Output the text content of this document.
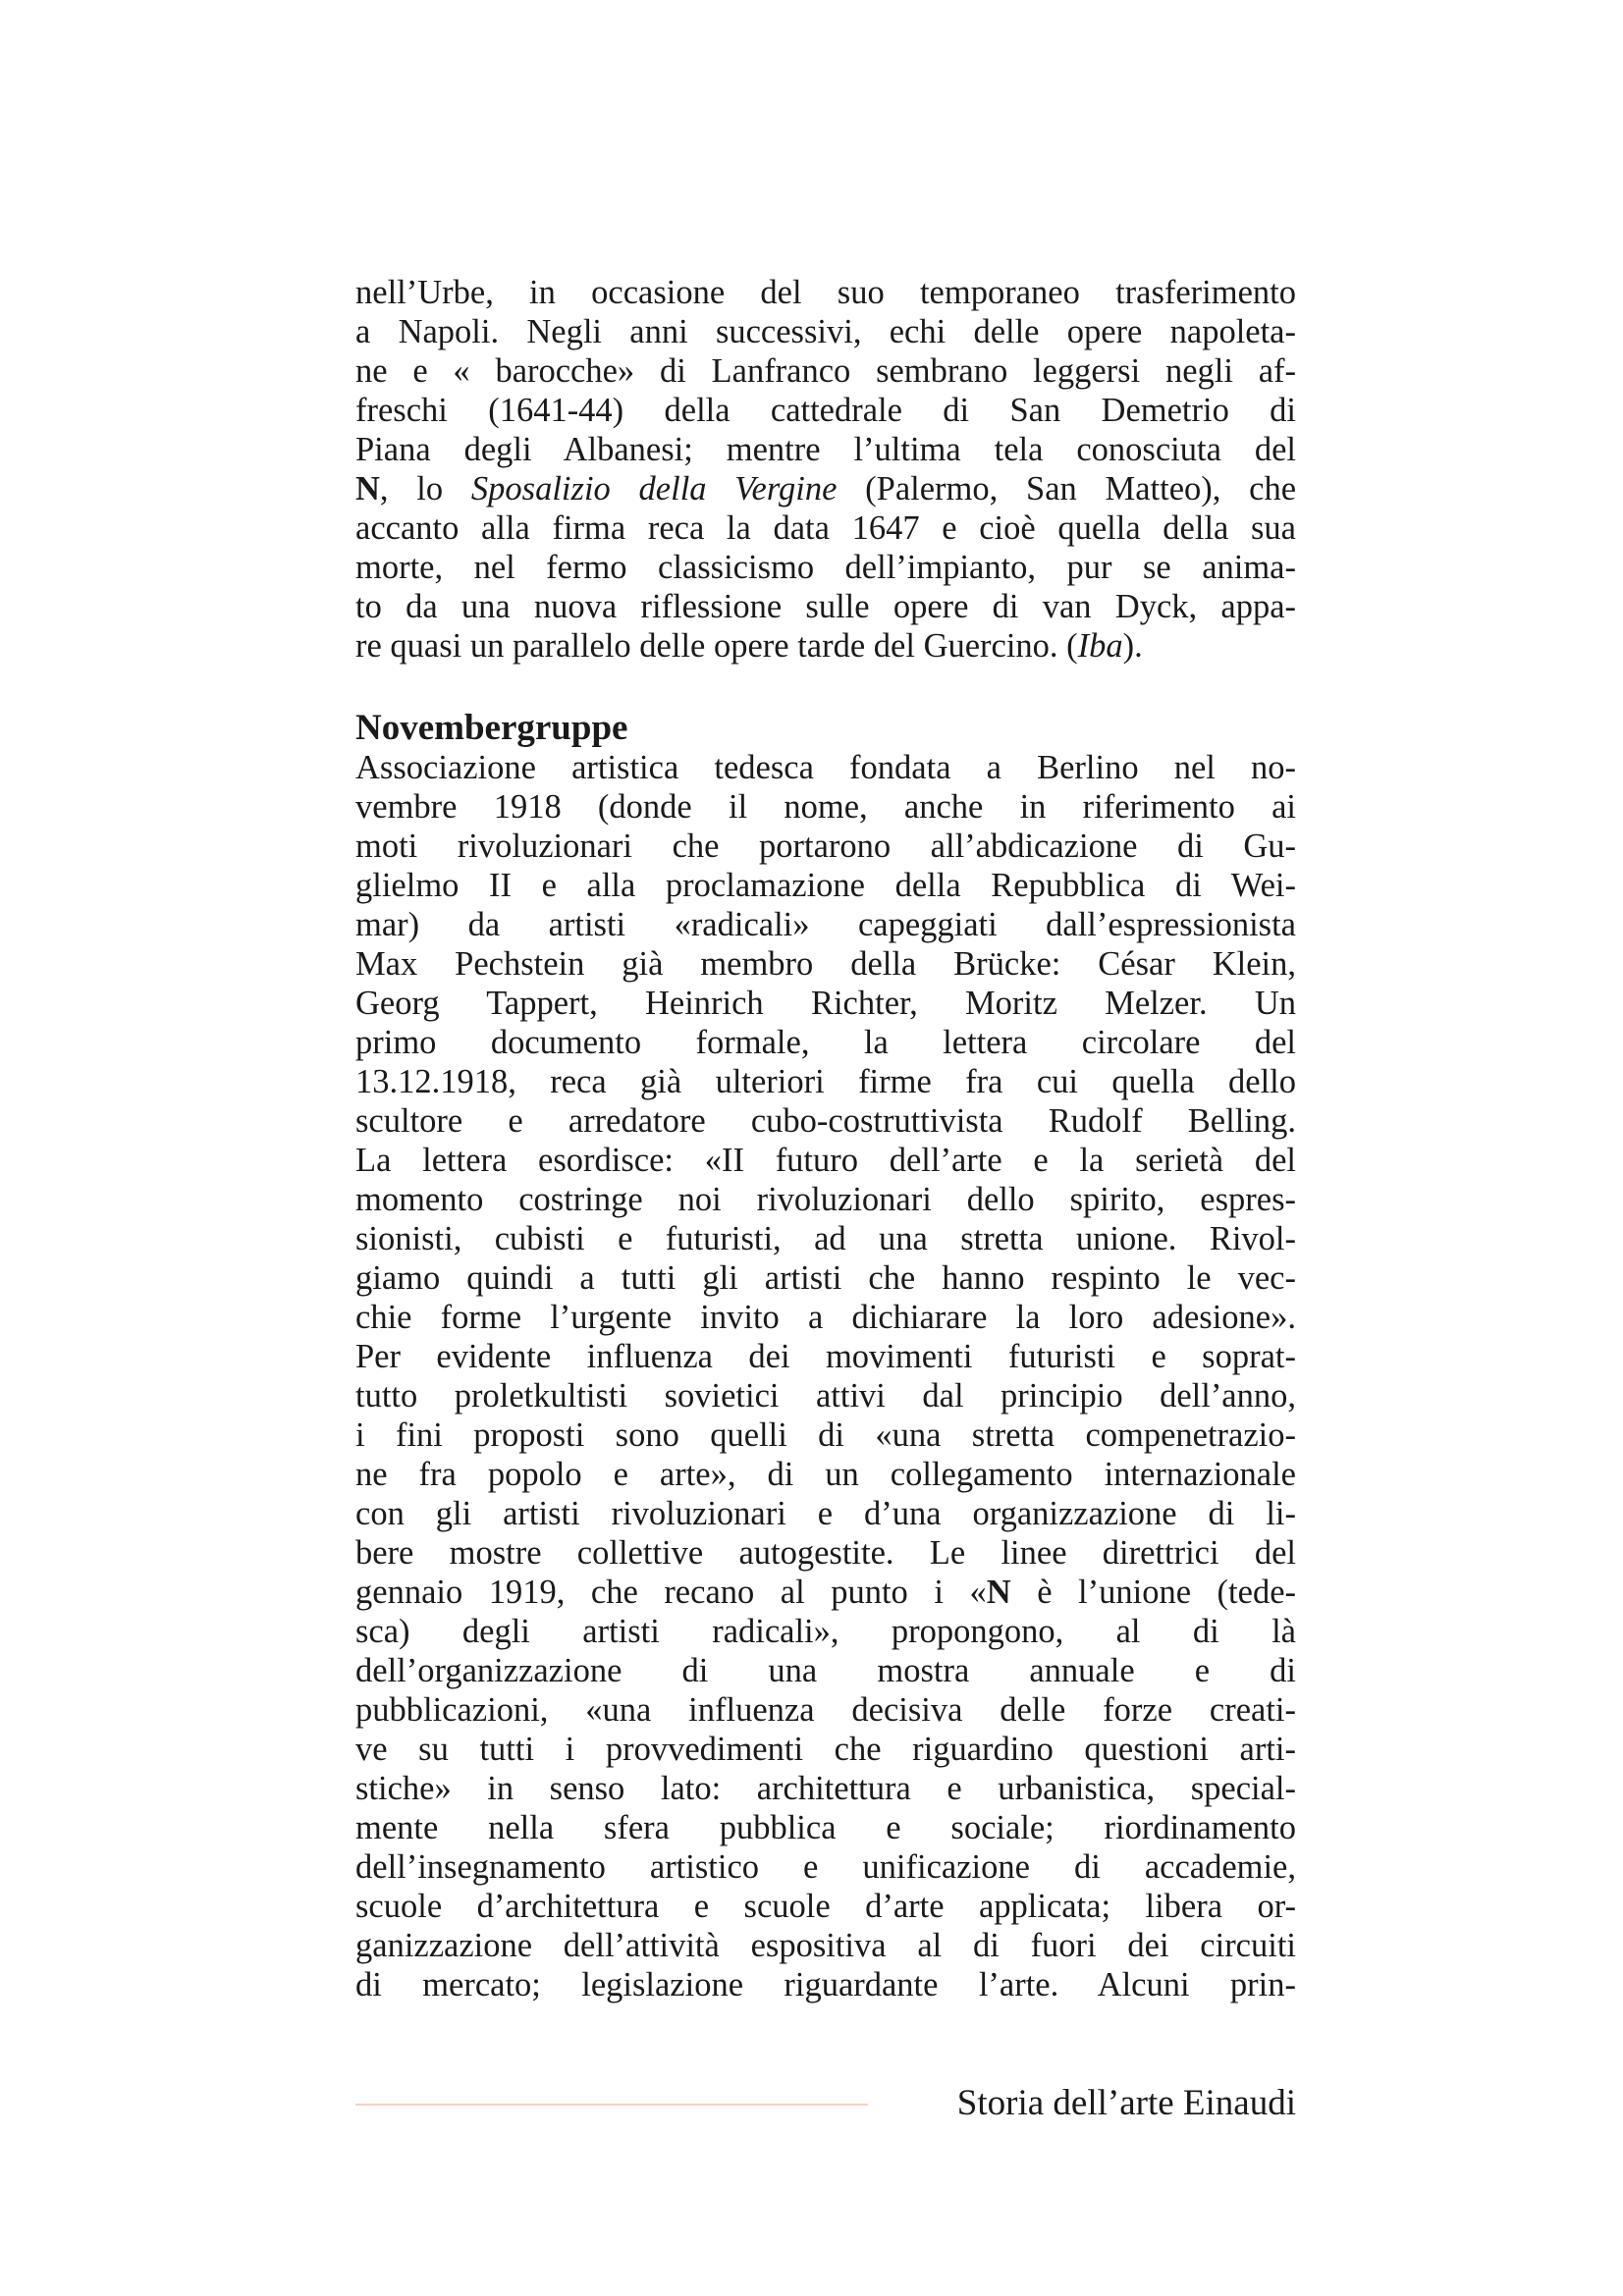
nell’Urbe, in occasione del suo temporaneo trasferimento
a Napoli. Negli anni successivi, echi delle opere napoleta-
ne e « barocche» di Lanfranco sembrano leggersi negli af-
freschi (1641-44) della cattedrale di San Demetrio di
Piana degli Albanesi; mentre l’ultima tela conosciuta del
N, lo Sposalizio della Vergine (Palermo, San Matteo), che
accanto alla firma reca la data 1647 e cioè quella della sua
morte, nel fermo classicismo dell’impianto, pur se anima-
to da una nuova riflessione sulle opere di van Dyck, appa-
re quasi un parallelo delle opere tarde del Guercino. (Iba).
Novembergruppe
Associazione artistica tedesca fondata a Berlino nel no-
vembre 1918 (donde il nome, anche in riferimento ai
moti rivoluzionari che portarono all’abdicazione di Gu-
glielmo II e alla proclamazione della Repubblica di Wei-
mar) da artisti «radicali» capeggiati dall’espressionista
Max Pechstein già membro della Brücke: César Klein,
Georg Tappert, Heinrich Richter, Moritz Melzer. Un
primo documento formale, la lettera circolare del
13.12.1918, reca già ulteriori firme fra cui quella dello
scultore e arredatore cubo-costruttivista Rudolf Belling.
La lettera esordisce: «II futuro dell’arte e la serietà del
momento costringe noi rivoluzionari dello spirito, espres-
sionisti, cubisti e futuristi, ad una stretta unione. Rivol-
giamo quindi a tutti gli artisti che hanno respinto le vec-
chie forme l’urgente invito a dichiarare la loro adesione».
Per evidente influenza dei movimenti futuristi e soprat-
tutto proletkultisti sovietici attivi dal principio dell’anno,
i fini proposti sono quelli di «una stretta compenetrazio-
ne fra popolo e arte», di un collegamento internazionale
con gli artisti rivoluzionari e d’una organizzazione di li-
bere mostre collettive autogestite. Le linee direttrici del
gennaio 1919, che recano al punto i «N è l’unione (tede-
sca) degli artisti radicali», propongono, al di là
dell’organizzazione di una mostra annuale e di
pubblicazioni, «una influenza decisiva delle forze creati-
ve su tutti i provvedimenti che riguardino questioni arti-
stiche» in senso lato: architettura e urbanistica, special-
mente nella sfera pubblica e sociale; riordinamento
dell’insegnamento artistico e unificazione di accademie,
scuole d’architettura e scuole d’arte applicata; libera or-
ganizzazione dell’attività espositiva al di fuori dei circuiti
di mercato; legislazione riguardante l’arte. Alcuni prin-
Storia dell’arte Einaudi
